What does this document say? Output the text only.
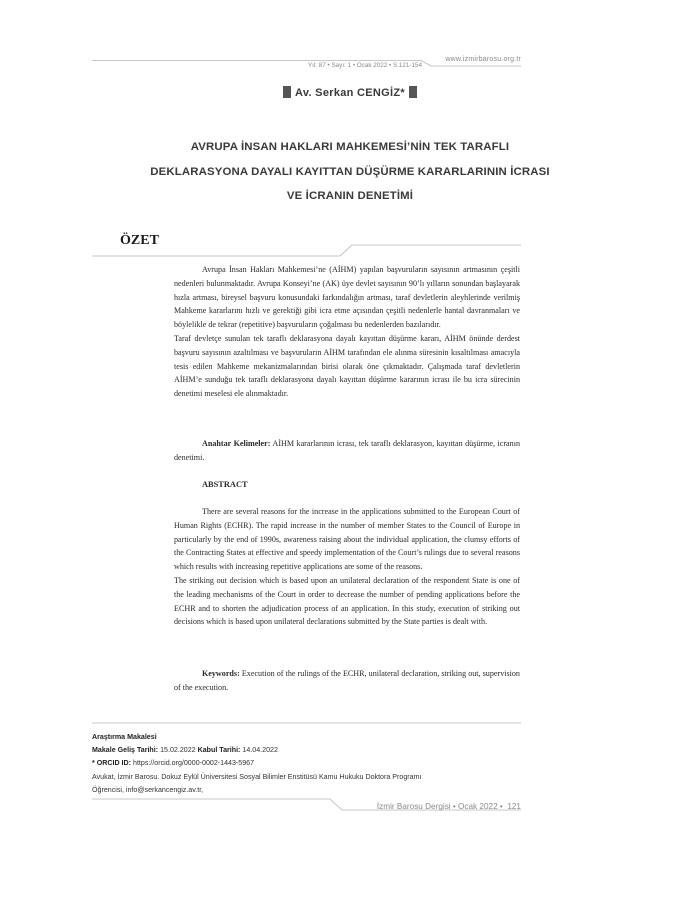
www.izmirbarosu.org.tr
Yıl: 87 • Sayı: 1 • Ocak 2022 • S.121-154
Av. Serkan CENGİZ*
AVRUPA İNSAN HAKLARI MAHKEMESİ’NİN TEK TARAFLI
DEKLARASYONA DAYALI KAYITTAN DÜŞÜRME KARARLARININ İCRASI
VE İCRANIN DENETİMİ
ÖZET

Avrupa İnsan Hakları Mahkemesi’ne (AİHM) yapılan başvuruların sayısının artmasının çeşitli nedenleri bulunmaktadır. Avrupa Konseyi’ne (AK) üye devlet sayısının 90’lı yılların sonundan başlayarak hızla artması, bireysel başvuru konusundaki farkındalığın artması, taraf devletlerin aleyhlerinde verilmiş Mahkeme kararlarını hızlı ve gerektiği gibi icra etme açısından çeşitli nedenlerle hantal davranmaları ve böylelikle de tekrar (repetitive) başvuruların çoğalması bu nedenlerden bazılarıdır.

Taraf devletçe sunulan tek taraflı deklarasyona dayalı kayıttan düşürme kararı, AİHM önünde derdest başvuru sayısının azaltılması ve başvuruların AİHM tarafından ele alınma süresinin kısaltılması amacıyla tesis edilen Mahkeme mekanizmalarından birisi olarak öne çıkmaktadır. Çalışmada taraf devletlerin AİHM’e sunduğu tek taraflı deklarasyona dayalı kayıttan düşürme kararının icrası ile bu icra sürecinin denetimi meselesi ele alınmaktadır.

Anahtar Kelimeler: AİHM kararlarının icrası, tek taraflı deklarasyon, kayıttan düşürme, icranın denetimi.

ABSTRACT

There are several reasons for the increase in the applications submitted to the European Court of Human Rights (ECHR). The rapid increase in the number of member States to the Council of Europe in particularly by the end of 1990s, awareness raising about the individual application, the clumsy efforts of the Contracting States at effective and speedy implementation of the Court’s rulings due to several reasons which results with increasing repetitive applications are some of the reasons.

The striking out decision which is based upon an unilateral declaration of the respondent State is one of the leading mechanisms of the Court in order to decrease the number of pending applications before the ECHR and to shorten the adjudication process of an application. In this study, execution of striking out decisions which is based upon unilateral declarations submitted by the State parties is dealt with.

Keywords: Execution of the rulings of the ECHR, unilateral declaration, striking out, supervision of the execution.

Araştırma Makalesi
Makale Geliş Tarihi: 15.02.2022 Kabul Tarihi: 14.04.2022
* ORCID ID: https://orcid.org/0000-0002-1443-5967
Avukat, İzmir Barosu. Dokuz Eylül Üniversitesi Sosyal Bilimler Enstitüsü Kamu Hukuku Doktora Programı
Öğrencisi, info@serkancengiz.av.tr,
İzmir Barosu Dergisi • Ocak 2022 • 121
